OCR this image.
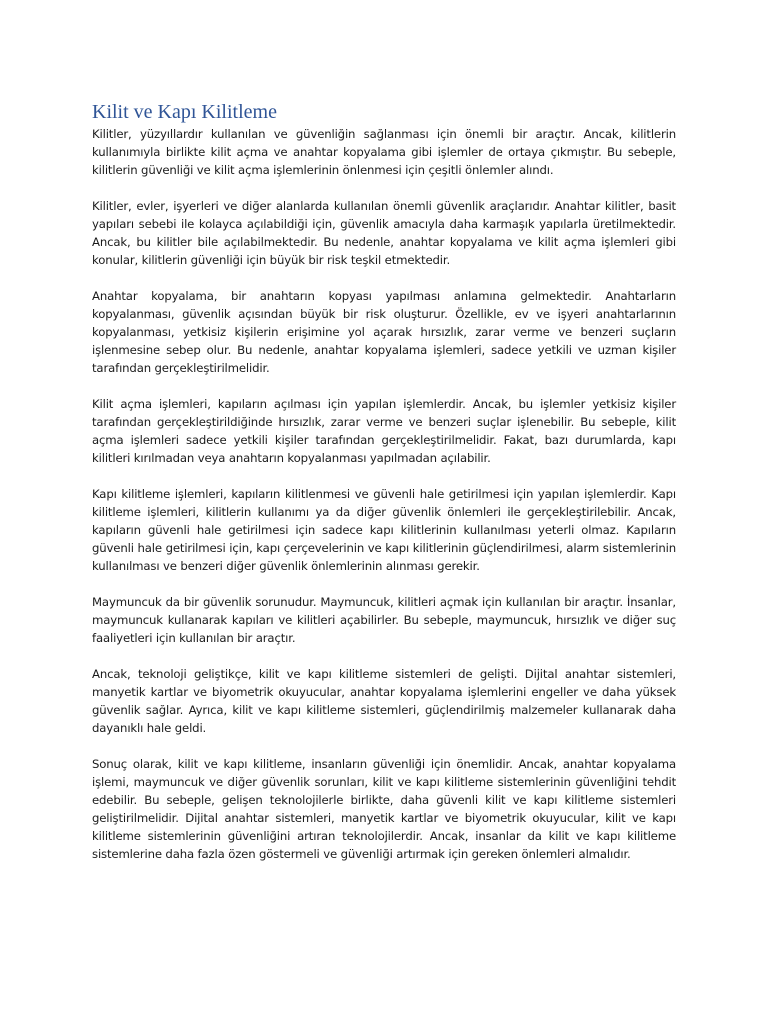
Kilit ve Kapı Kilitleme

Kilitler, yüzyıllardır kullanılan ve güvenliğin sağlanması için önemli bir araçtır. Ancak, kilitlerin kullanımıyla birlikte kilit açma ve anahtar kopyalama gibi işlemler de ortaya çıkmıştır. Bu sebeple, kilitlerin güvenliği ve kilit açma işlemlerinin önlenmesi için çeşitli önlemler alındı.

Kilitler, evler, işyerleri ve diğer alanlarda kullanılan önemli güvenlik araçlarıdır. Anahtar kilitler, basit yapıları sebebi ile kolayca açılabildiği için, güvenlik amacıyla daha karmaşık yapılarla üretilmektedir. Ancak, bu kilitler bile açılabilmektedir. Bu nedenle, anahtar kopyalama ve kilit açma işlemleri gibi konular, kilitlerin güvenliği için büyük bir risk teşkil etmektedir.

Anahtar kopyalama, bir anahtarın kopyası yapılması anlamına gelmektedir. Anahtarların kopyalanması, güvenlik açısından büyük bir risk oluşturur. Özellikle, ev ve işyeri anahtarlarının kopyalanması, yetkisiz kişilerin erişimine yol açarak hırsızlık, zarar verme ve benzeri suçların işlenmesine sebep olur. Bu nedenle, anahtar kopyalama işlemleri, sadece yetkili ve uzman kişiler tarafından gerçekleştirilmelidir.

Kilit açma işlemleri, kapıların açılması için yapılan işlemlerdir. Ancak, bu işlemler yetkisiz kişiler tarafından gerçekleştirildiğinde hırsızlık, zarar verme ve benzeri suçlar işlenebilir. Bu sebeple, kilit açma işlemleri sadece yetkili kişiler tarafından gerçekleştirilmelidir. Fakat, bazı durumlarda, kapı kilitleri kırılmadan veya anahtarın kopyalanması yapılmadan açılabilir.

Kapı kilitleme işlemleri, kapıların kilitlenmesi ve güvenli hale getirilmesi için yapılan işlemlerdir. Kapı kilitleme işlemleri, kilitlerin kullanımı ya da diğer güvenlik önlemleri ile gerçekleştirilebilir. Ancak, kapıların güvenli hale getirilmesi için sadece kapı kilitlerinin kullanılması yeterli olmaz. Kapıların güvenli hale getirilmesi için, kapı çerçevelerinin ve kapı kilitlerinin güçlendirilmesi, alarm sistemlerinin kullanılması ve benzeri diğer güvenlik önlemlerinin alınması gerekir.

Maymuncuk da bir güvenlik sorunudur. Maymuncuk, kilitleri açmak için kullanılan bir araçtır. İnsanlar, maymuncuk kullanarak kapıları ve kilitleri açabilirler. Bu sebeple, maymuncuk, hırsızlık ve diğer suç faaliyetleri için kullanılan bir araçtır.

Ancak, teknoloji geliştikçe, kilit ve kapı kilitleme sistemleri de gelişti. Dijital anahtar sistemleri, manyetik kartlar ve biyometrik okuyucular, anahtar kopyalama işlemlerini engeller ve daha yüksek güvenlik sağlar. Ayrıca, kilit ve kapı kilitleme sistemleri, güçlendirilmiş malzemeler kullanarak daha dayanıklı hale geldi.

Sonuç olarak, kilit ve kapı kilitleme, insanların güvenliği için önemlidir. Ancak, anahtar kopyalama işlemi, maymuncuk ve diğer güvenlik sorunları, kilit ve kapı kilitleme sistemlerinin güvenliğini tehdit edebilir. Bu sebeple, gelişen teknolojilerle birlikte, daha güvenli kilit ve kapı kilitleme sistemleri geliştirilmelidir. Dijital anahtar sistemleri, manyetik kartlar ve biyometrik okuyucular, kilit ve kapı kilitleme sistemlerinin güvenliğini artıran teknolojilerdir. Ancak, insanlar da kilit ve kapı kilitleme sistemlerine daha fazla özen göstermeli ve güvenliği artırmak için gereken önlemleri almalıdır.
